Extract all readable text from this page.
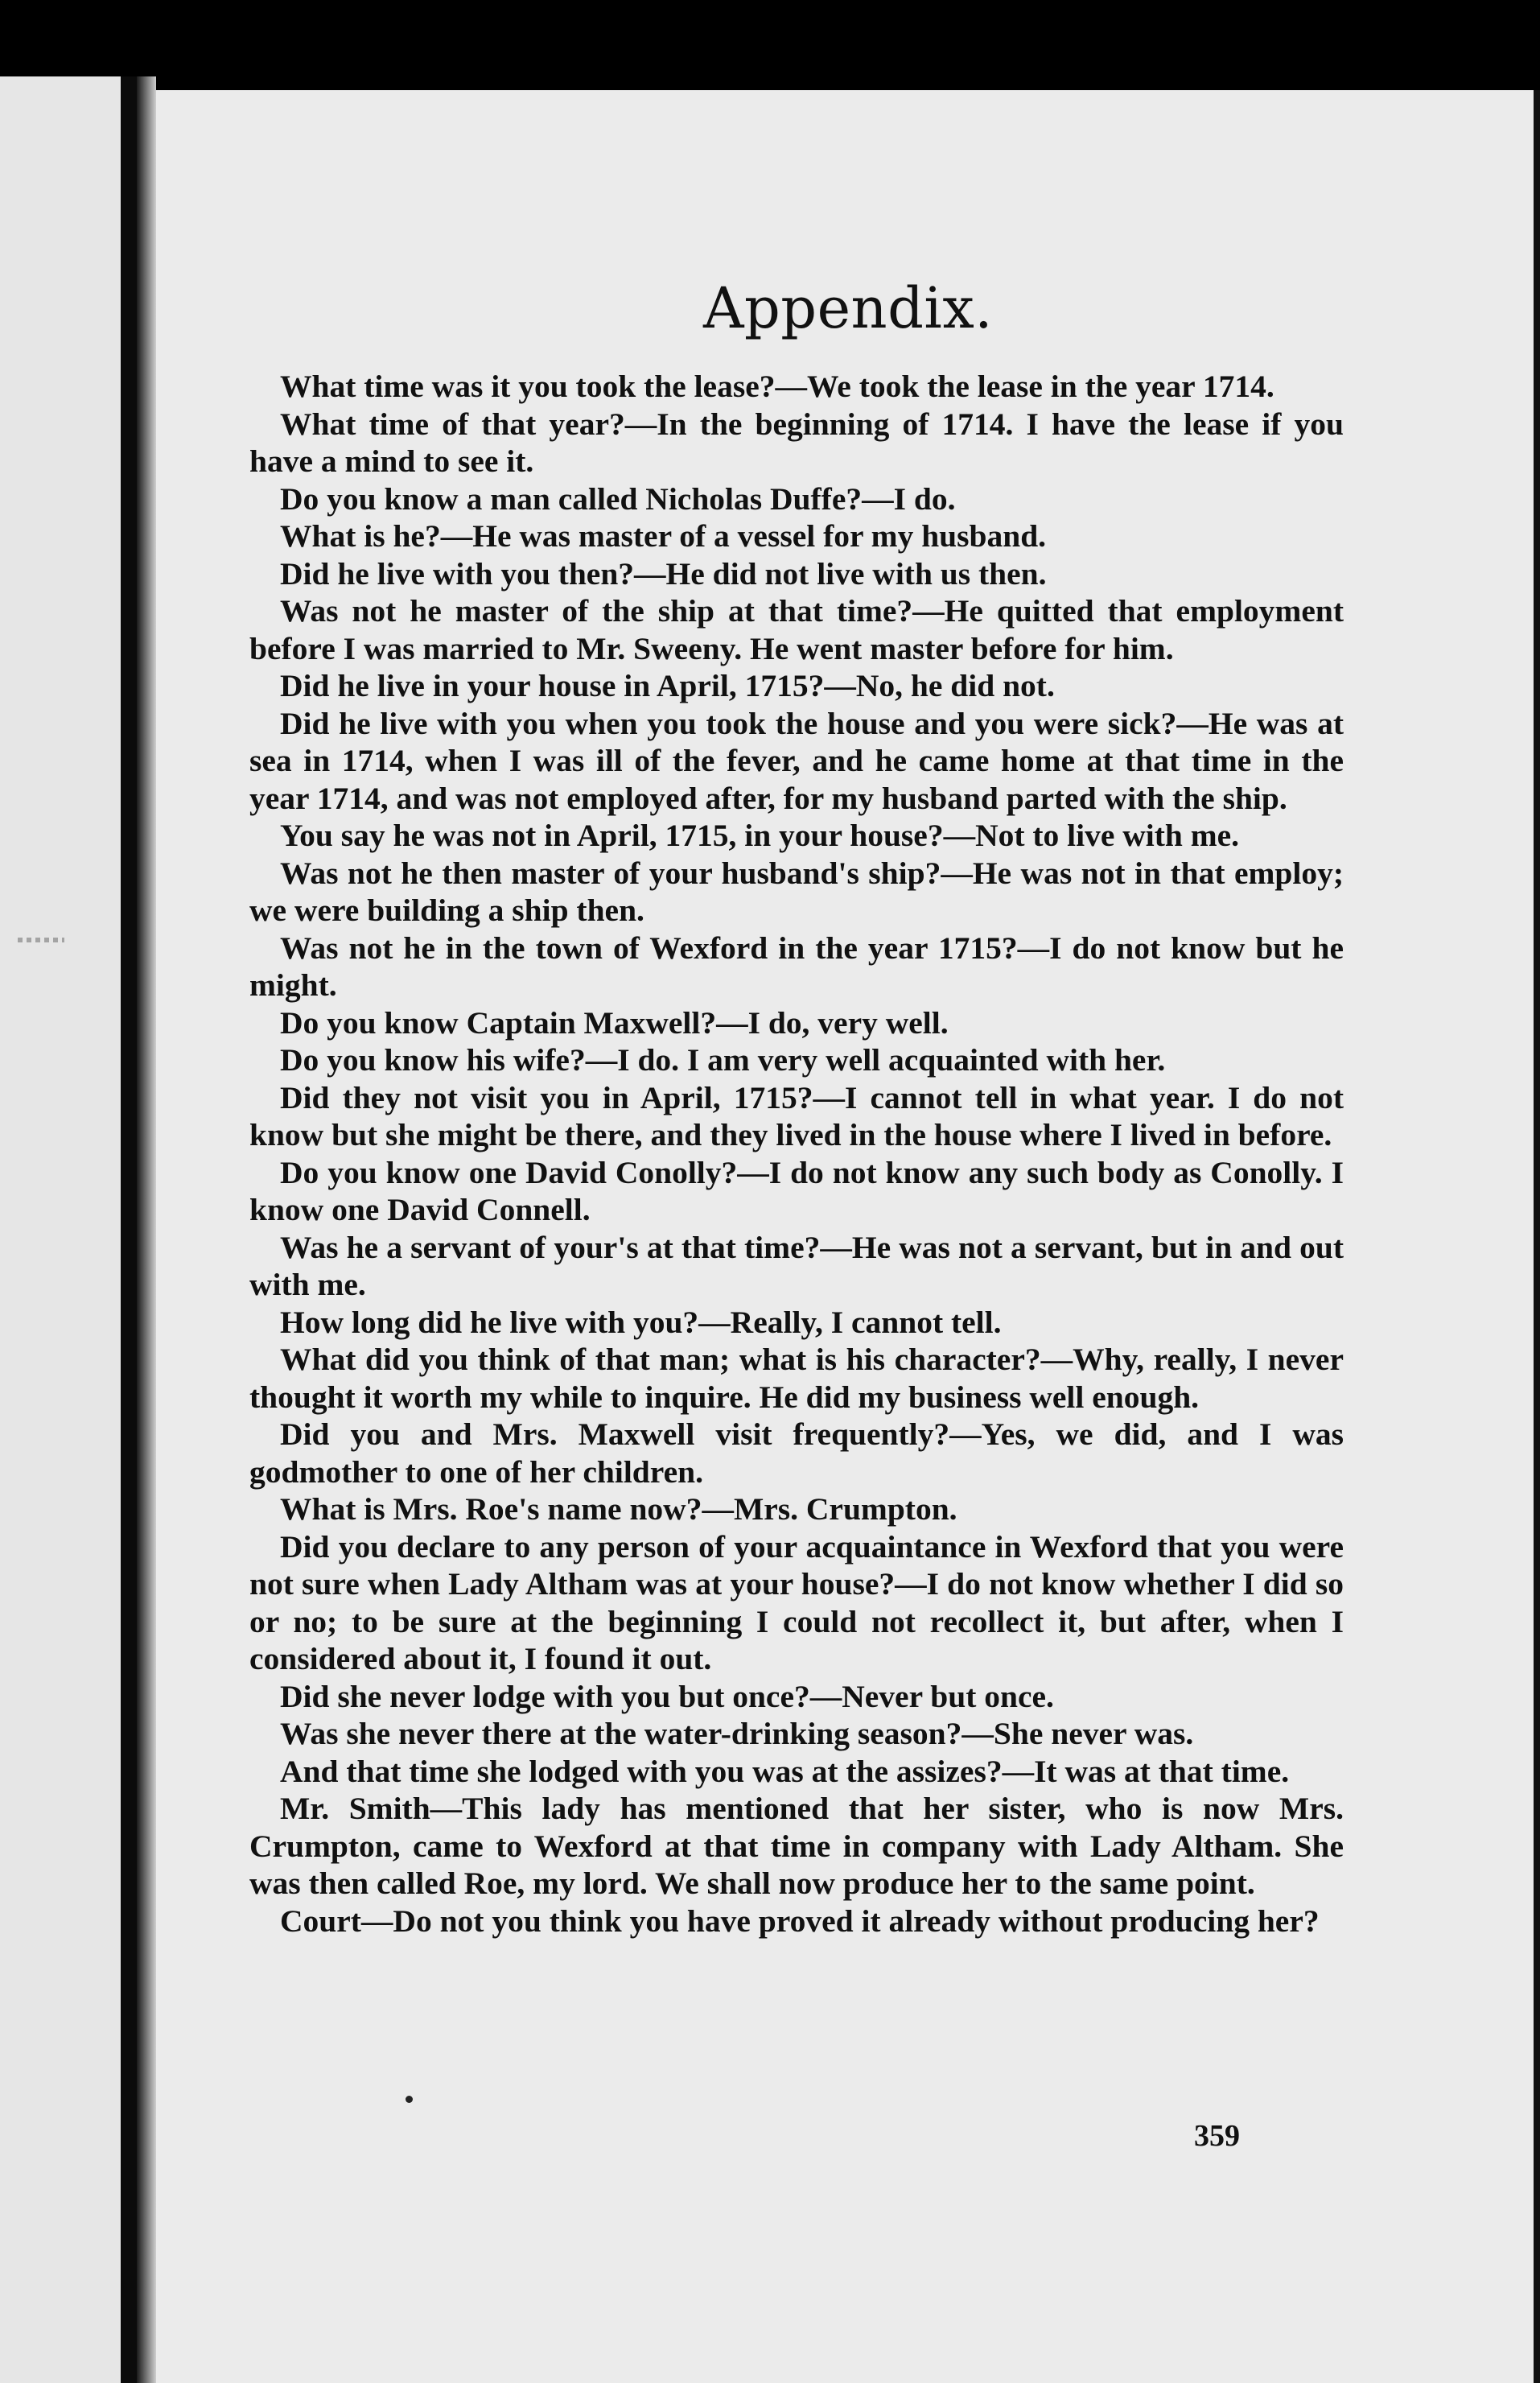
Appendix.

What time was it you took the lease?—We took the lease in the year 1714.

What time of that year?—In the beginning of 1714. I have the lease if you have a mind to see it.

Do you know a man called Nicholas Duffe?—I do.

What is he?—He was master of a vessel for my husband.

Did he live with you then?—He did not live with us then.

Was not he master of the ship at that time?—He quitted that employment before I was married to Mr. Sweeny. He went master before for him.

Did he live in your house in April, 1715?—No, he did not.

Did he live with you when you took the house and you were sick?—He was at sea in 1714, when I was ill of the fever, and he came home at that time in the year 1714, and was not employed after, for my husband parted with the ship.

You say he was not in April, 1715, in your house?—Not to live with me.

Was not he then master of your husband's ship?—He was not in that employ; we were building a ship then.

Was not he in the town of Wexford in the year 1715?—I do not know but he might.

Do you know Captain Maxwell?—I do, very well.

Do you know his wife?—I do. I am very well acquainted with her.

Did they not visit you in April, 1715?—I cannot tell in what year. I do not know but she might be there, and they lived in the house where I lived in before.

Do you know one David Conolly?—I do not know any such body as Conolly. I know one David Connell.

Was he a servant of your's at that time?—He was not a servant, but in and out with me.

How long did he live with you?—Really, I cannot tell.

What did you think of that man; what is his character?—Why, really, I never thought it worth my while to inquire. He did my business well enough.

Did you and Mrs. Maxwell visit frequently?—Yes, we did, and I was godmother to one of her children.

What is Mrs. Roe's name now?—Mrs. Crumpton.

Did you declare to any person of your acquaintance in Wexford that you were not sure when Lady Altham was at your house?—I do not know whether I did so or no; to be sure at the beginning I could not recollect it, but after, when I considered about it, I found it out.

Did she never lodge with you but once?—Never but once.

Was she never there at the water-drinking season?—She never was.

And that time she lodged with you was at the assizes?—It was at that time.

Mr. Smith—This lady has mentioned that her sister, who is now Mrs. Crumpton, came to Wexford at that time in company with Lady Altham. She was then called Roe, my lord. We shall now produce her to the same point.

Court—Do not you think you have proved it already without producing her?

359
